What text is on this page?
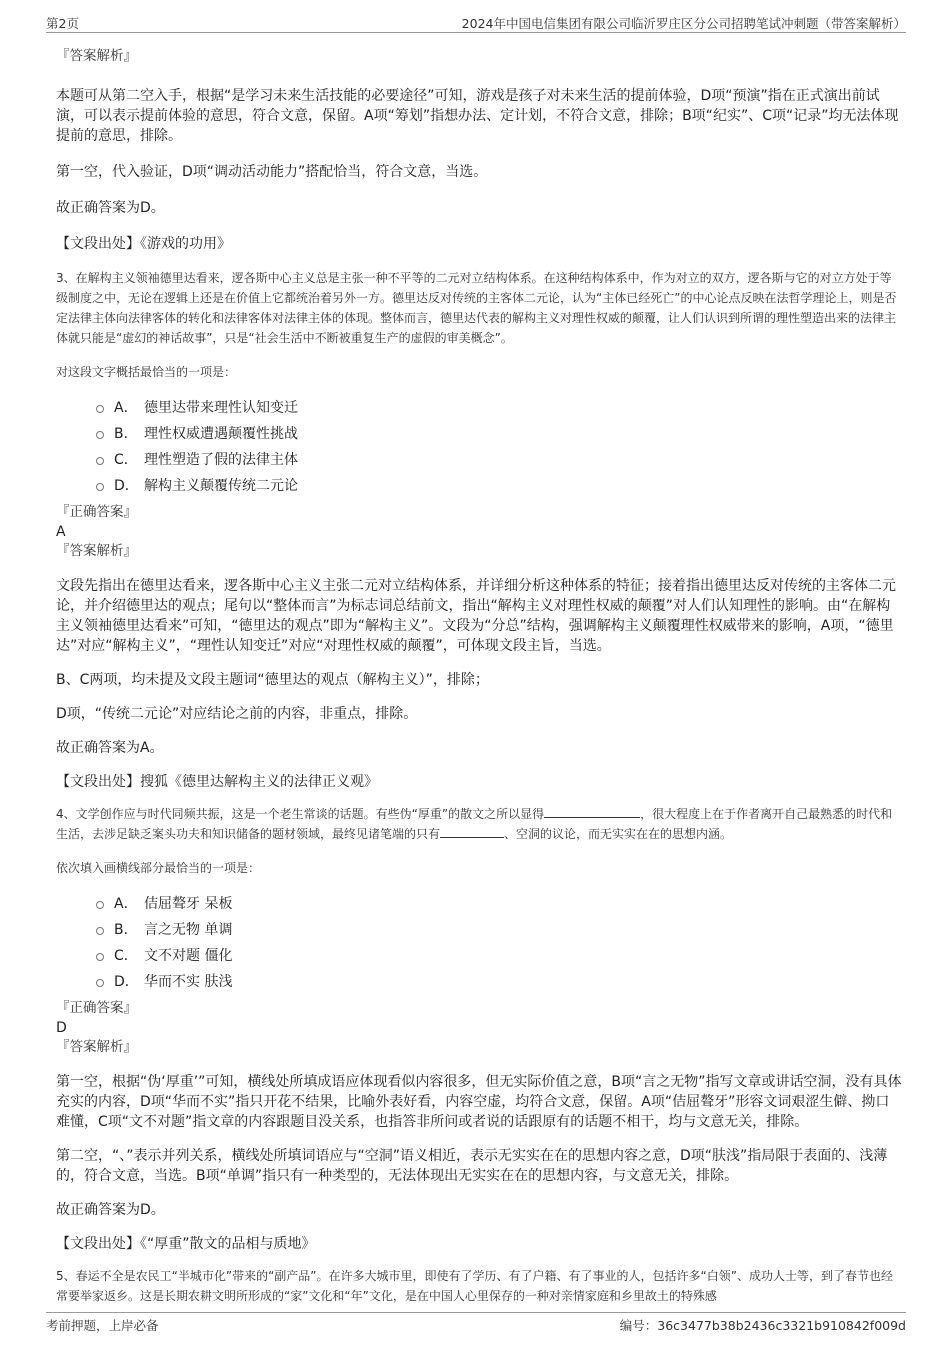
第2页	2024年中国电信集团有限公司临沂罗庄区分公司招聘笔试冲刺题（带答案解析）

『答案解析』

本题可从第二空入手，根据“是学习未来生活技能的必要途径”可知，游戏是孩子对未来生活的提前体验，D项“预演”指在正式演出前试演，可以表示提前体验的意思，符合文意，保留。A项“筹划”指想办法、定计划，不符合文意，排除；B项“纪实”、C项“记录”均无法体现提前的意思，排除。

第一空，代入验证，D项“调动活动能力”搭配恰当，符合文意，当选。

故正确答案为D。

【文段出处】《游戏的功用》

3、在解构主义领袖德里达看来，逻各斯中心主义总是主张一种不平等的二元对立结构体系。在这种结构体系中，作为对立的双方，逻各斯与它的对立方处于等级制度之中，无论在逻辑上还是在价值上它都统治着另外一方。德里达反对传统的主客体二元论，认为“主体已经死亡”的中心论点反映在法哲学理论上，则是否定法律主体向法律客体的转化和法律客体对法律主体的体现。整体而言，德里达代表的解构主义对理性权威的颠覆，让人们认识到所谓的理性塑造出来的法律主体就只能是“虚幻的神话故事”，只是“社会生活中不断被重复生产的虚假的审美概念”。

对这段文字概括最恰当的一项是：

A． 德里达带来理性认知变迁
B． 理性权威遭遇颠覆性挑战
C． 理性塑造了假的法律主体
D． 解构主义颠覆传统二元论

『正确答案』

A

『答案解析』

文段先指出在德里达看来，逻各斯中心主义主张二元对立结构体系，并详细分析这种体系的特征；接着指出德里达反对传统的主客体二元论，并介绍德里达的观点；尾句以“整体而言”为标志词总结前文，指出“解构主义对理性权威的颠覆”对人们认知理性的影响。由“在解构主义领袖德里达看来”可知，“德里达的观点”即为“解构主义”。文段为“分总”结构，强调解构主义颠覆理性权威带来的影响，A项，“德里达”对应“解构主义”，“理性认知变迁”对应“对理性权威的颠覆”，可体现文段主旨，当选。

B、C两项，均未提及文段主题词“德里达的观点（解构主义）”，排除；

D项，“传统二元论”对应结论之前的内容，非重点，排除。

故正确答案为A。

【文段出处】搜狐《德里达解构主义的法律正义观》

4、文学创作应与时代同频共振，这是一个老生常谈的话题。有些伪“厚重”的散文之所以显得	，很大程度上在于作者离开自己最熟悉的时代和生活，去涉足缺乏案头功夫和知识储备的题材领域，最终见诸笔端的只有	、空洞的议论，而无实实在在的思想内涵。

依次填入画横线部分最恰当的一项是：

A． 佶屈聱牙 呆板
B． 言之无物 单调
C． 文不对题 僵化
D． 华而不实 肤浅

『正确答案』

D

『答案解析』

第一空，根据“伪‘厚重’”可知，横线处所填成语应体现看似内容很多，但无实际价值之意，B项“言之无物”指写文章或讲话空洞，没有具体充实的内容，D项“华而不实”指只开花不结果，比喻外表好看，内容空虚，均符合文意，保留。A项“佶屈聱牙”形容文词艰涩生僻、拗口难懂，C项“文不对题”指文章的内容跟题目没关系，也指答非所问或者说的话跟原有的话题不相干，均与文意无关，排除。

第二空，“、”表示并列关系，横线处所填词语应与“空洞”语义相近，表示无实实在在的思想内容之意，D项“肤浅”指局限于表面的、浅薄的，符合文意，当选。B项“单调”指只有一种类型的，无法体现出无实实在在的思想内容，与文意无关，排除。

故正确答案为D。

【文段出处】《“厚重”散文的品相与质地》

5、春运不全是农民工“半城市化”带来的“副产品”。在许多大城市里，即使有了学历、有了户籍、有了事业的人，包括许多“白领”、成功人士等，到了春节也经常要举家返乡。这是长期农耕文明所形成的“家”文化和“年”文化，是在中国人心里保存的一种对亲情家庭和乡里故土的特殊感

考前押题，上岸必备	编号：36c3477b38b2436c3321b910842f009d
